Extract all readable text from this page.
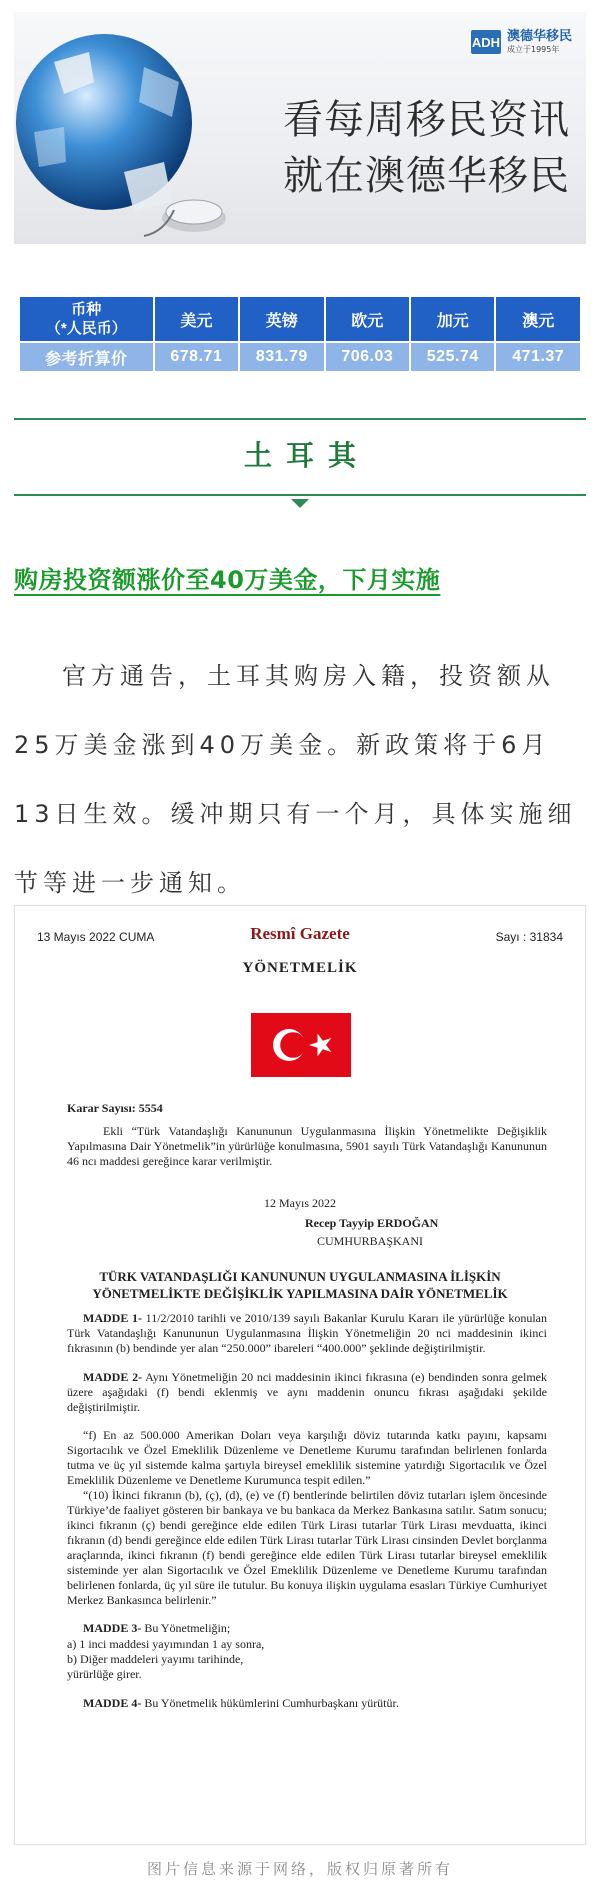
ADH 澳德华移民
成立于1995年
看每周移民资讯
就在澳德华移民
币种
（*人民币）	美元	英镑	欧元	加元	澳元
参考折算价	678.71	831.79	706.03	525.74	471.37
土耳其
购房投资额涨价至40万美金，下月实施
官方通告，土耳其购房入籍，投资额从25万美金涨到40万美金。新政策将于6月13日生效。缓冲期只有一个月，具体实施细节等进一步通知。
13 Mayıs 2022 CUMA	Resmî Gazete	Sayı : 31834
YÖNETMELİK
Karar Sayısı: 5554
Ekli “Türk Vatandaşlığı Kanununun Uygulanmasına İlişkin Yönetmelikte Değişiklik Yapılmasına Dair Yönetmelik”in yürürlüğe konulmasına, 5901 sayılı Türk Vatandaşlığı Kanununun 46 ncı maddesi gereğince karar verilmiştir.
12 Mayıs 2022
Recep Tayyip ERDOĞAN
CUMHURBAŞKANI
TÜRK VATANDAŞLIĞI KANUNUNUN UYGULANMASINA İLİŞKİN
YÖNETMELİKTE DEĞİŞİKLİK YAPILMASINA DAİR YÖNETMELİK
MADDE 1- 11/2/2010 tarihli ve 2010/139 sayılı Bakanlar Kurulu Kararı ile yürürlüğe konulan Türk Vatandaşlığı Kanununun Uygulanmasına İlişkin Yönetmeliğin 20 nci maddesinin ikinci fıkrasının (b) bendinde yer alan “250.000” ibareleri “400.000” şeklinde değiştirilmiştir.
MADDE 2- Aynı Yönetmeliğin 20 nci maddesinin ikinci fıkrasına (e) bendinden sonra gelmek üzere aşağıdaki (f) bendi eklenmiş ve aynı maddenin onuncu fıkrası aşağıdaki şekilde değiştirilmiştir.
“f) En az 500.000 Amerikan Doları veya karşılığı döviz tutarında katkı payını, kapsamı Sigortacılık ve Özel Emeklilik Düzenleme ve Denetleme Kurumu tarafından belirlenen fonlarda tutma ve üç yıl sistemde kalma şartıyla bireysel emeklilik sistemine yatırdığı Sigortacılık ve Özel Emeklilik Düzenleme ve Denetleme Kurumunca tespit edilen.”
“(10) İkinci fıkranın (b), (ç), (d), (e) ve (f) bentlerinde belirtilen döviz tutarları işlem öncesinde Türkiye’de faaliyet gösteren bir bankaya ve bu bankaca da Merkez Bankasına satılır. Satım sonucu; ikinci fıkranın (ç) bendi gereğince elde edilen Türk Lirası tutarlar Türk Lirası mevduatta, ikinci fıkranın (d) bendi gereğince elde edilen Türk Lirası tutarlar Türk Lirası cinsinden Devlet borçlanma araçlarında, ikinci fıkranın (f) bendi gereğince elde edilen Türk Lirası tutarlar bireysel emeklilik sisteminde yer alan Sigortacılık ve Özel Emeklilik Düzenleme ve Denetleme Kurumu tarafından belirlenen fonlarda, üç yıl süre ile tutulur. Bu konuya ilişkin uygulama esasları Türkiye Cumhuriyet Merkez Bankasınca belirlenir.”
MADDE 3- Bu Yönetmeliğin;
a) 1 inci maddesi yayımından 1 ay sonra,
b) Diğer maddeleri yayımı tarihinde,
yürürlüğe girer.
MADDE 4- Bu Yönetmelik hükümlerini Cumhurbaşkanı yürütür.
图片信息来源于网络，版权归原著所有
